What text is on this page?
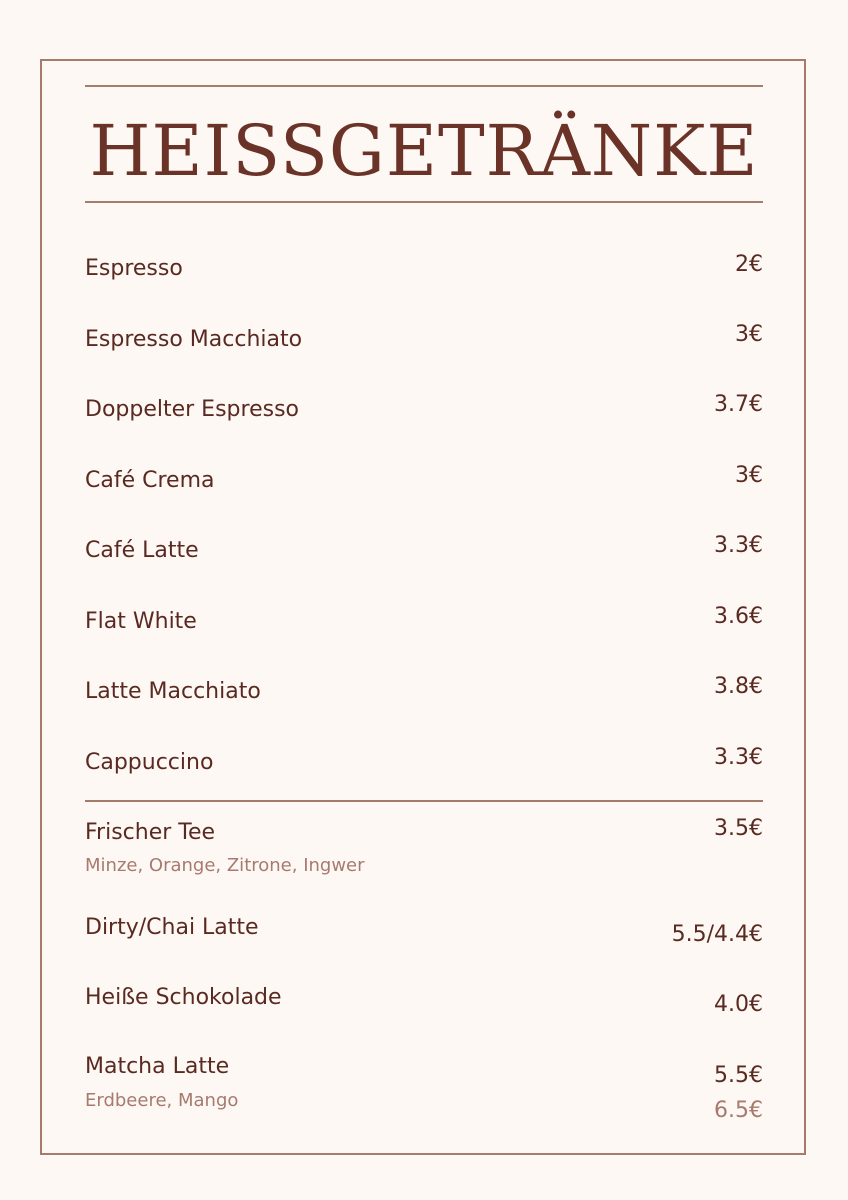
HEISSGETRÄNKE
Espresso	2€
Espresso Macchiato	3€
Doppelter Espresso	3.7€
Café Crema	3€
Café Latte	3.3€
Flat White	3.6€
Latte Macchiato	3.8€
Cappuccino	3.3€
Frischer Tee	3.5€
Minze, Orange, Zitrone, Ingwer
Dirty/Chai Latte	5.5/4.4€
Heiße Schokolade	4.0€
Matcha Latte	5.5€
Erdbeere, Mango	6.5€
